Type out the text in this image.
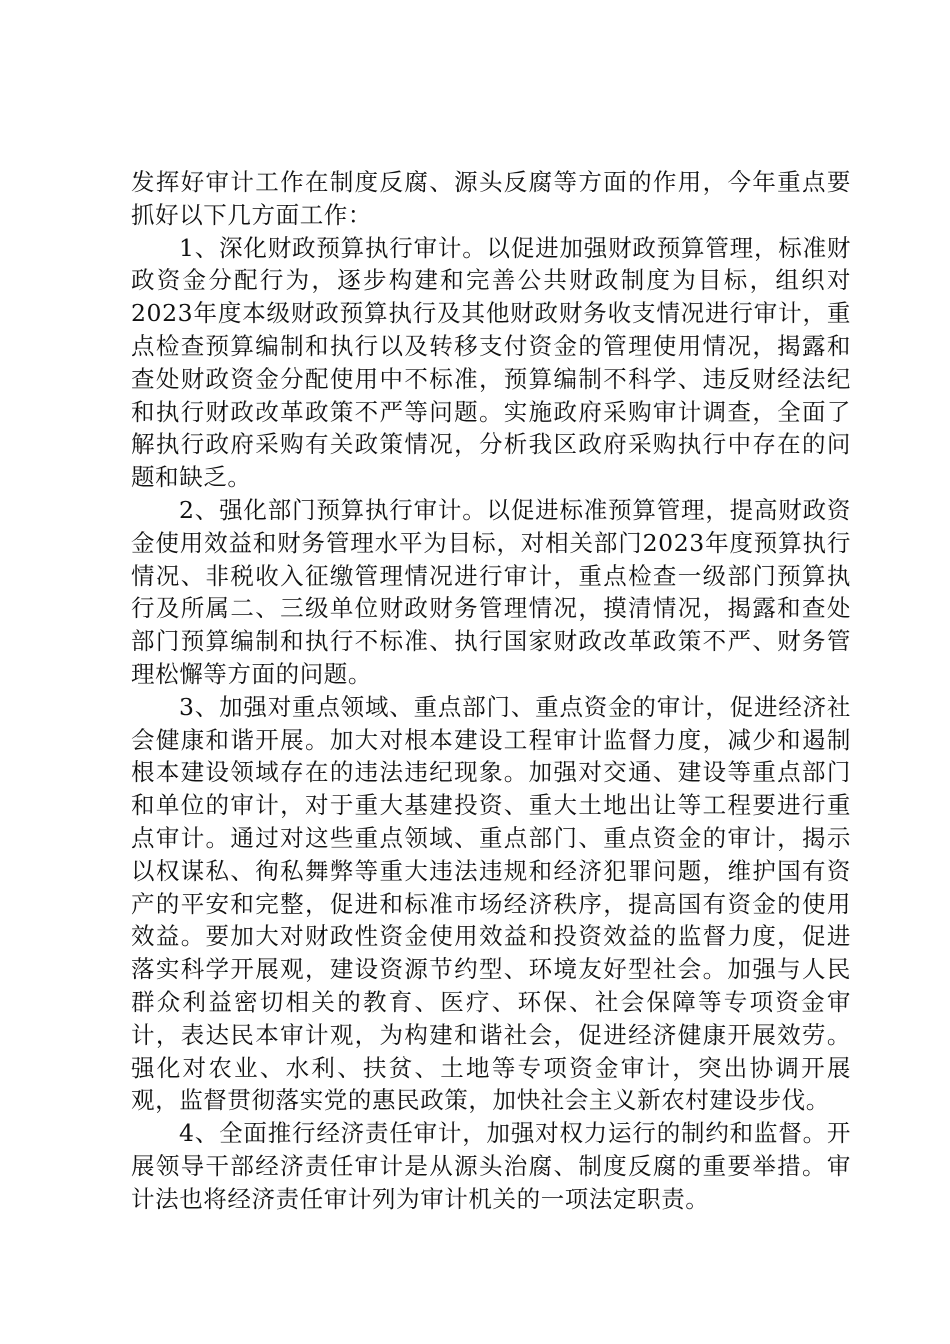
发挥好审计工作在制度反腐、源头反腐等方面的作用，今年重点要抓好以下几方面工作：

1、深化财政预算执行审计。以促进加强财政预算管理，标准财政资金分配行为，逐步构建和完善公共财政制度为目标，组织对2023年度本级财政预算执行及其他财政财务收支情况进行审计，重点检查预算编制和执行以及转移支付资金的管理使用情况，揭露和查处财政资金分配使用中不标准，预算编制不科学、违反财经法纪和执行财政改革政策不严等问题。实施政府采购审计调查，全面了解执行政府采购有关政策情况，分析我区政府采购执行中存在的问题和缺乏。

2、强化部门预算执行审计。以促进标准预算管理，提高财政资金使用效益和财务管理水平为目标，对相关部门2023年度预算执行情况、非税收入征缴管理情况进行审计，重点检查一级部门预算执行及所属二、三级单位财政财务管理情况，摸清情况，揭露和查处部门预算编制和执行不标准、执行国家财政改革政策不严、财务管理松懈等方面的问题。

3、加强对重点领域、重点部门、重点资金的审计，促进经济社会健康和谐开展。加大对根本建设工程审计监督力度，减少和遏制根本建设领域存在的违法违纪现象。加强对交通、建设等重点部门和单位的审计，对于重大基建投资、重大土地出让等工程要进行重点审计。通过对这些重点领域、重点部门、重点资金的审计，揭示以权谋私、徇私舞弊等重大违法违规和经济犯罪问题，维护国有资产的平安和完整，促进和标准市场经济秩序，提高国有资金的使用效益。要加大对财政性资金使用效益和投资效益的监督力度，促进落实科学开展观，建设资源节约型、环境友好型社会。加强与人民群众利益密切相关的教育、医疗、环保、社会保障等专项资金审计，表达民本审计观，为构建和谐社会，促进经济健康开展效劳。强化对农业、水利、扶贫、土地等专项资金审计，突出协调开展观，监督贯彻落实党的惠民政策，加快社会主义新农村建设步伐。

4、全面推行经济责任审计，加强对权力运行的制约和监督。开展领导干部经济责任审计是从源头治腐、制度反腐的重要举措。审计法也将经济责任审计列为审计机关的一项法定职责。
